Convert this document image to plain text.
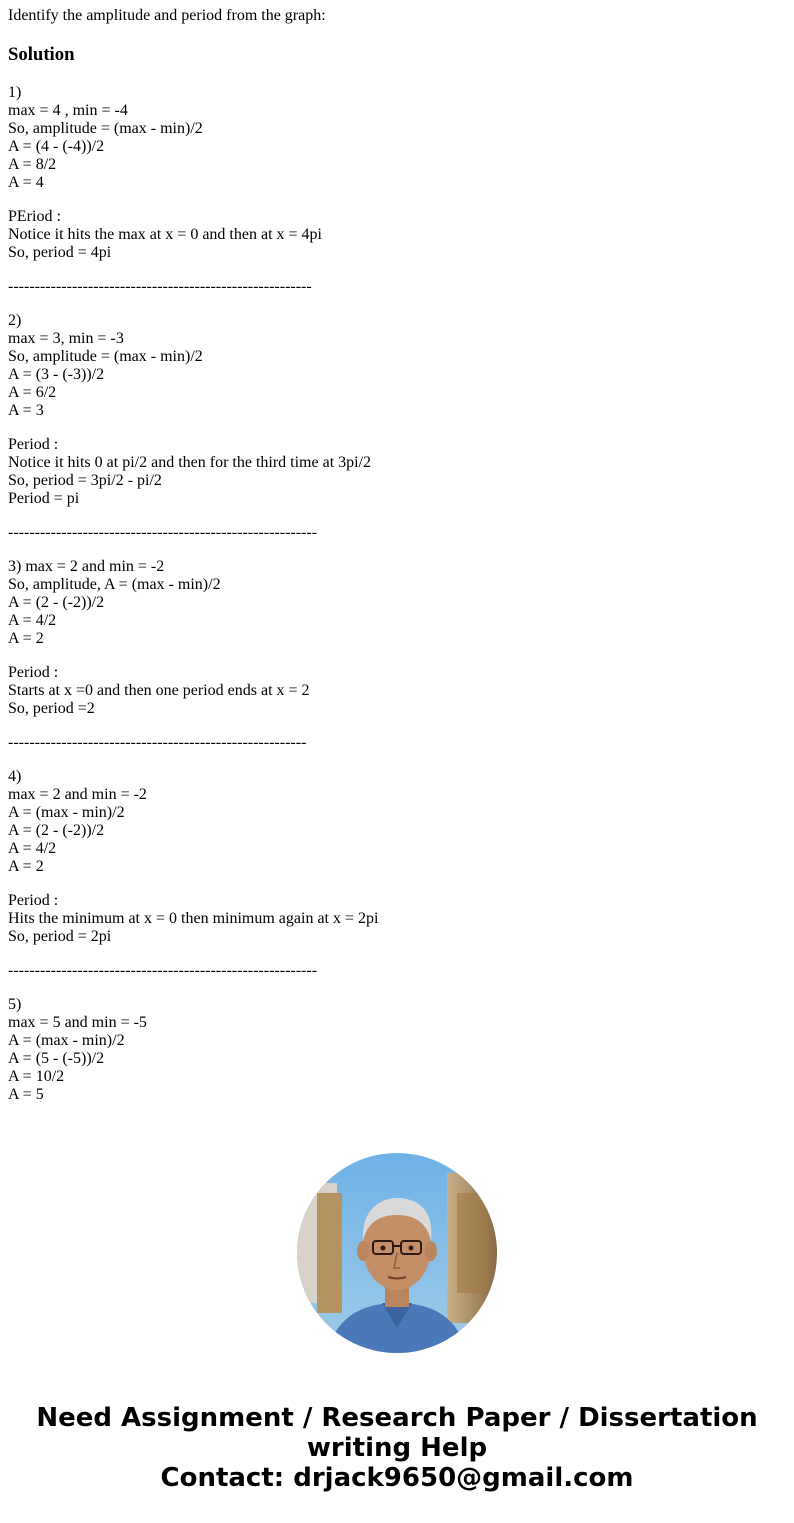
Identify the amplitude and period from the graph:
Solution
1)
max = 4 , min = -4
So, amplitude = (max - min)/2
A = (4 - (-4))/2
A = 8/2
A = 4
PEriod :
Notice it hits the max at x = 0 and then at x = 4pi
So, period = 4pi
---------------------------------------------------------
2)
max = 3, min = -3
So, amplitude = (max - min)/2
A = (3 - (-3))/2
A = 6/2
A = 3
Period :
Notice it hits 0 at pi/2 and then for the third time at 3pi/2
So, period = 3pi/2 - pi/2
Period = pi
----------------------------------------------------------
3) max = 2 and min = -2
So, amplitude, A = (max - min)/2
A = (2 - (-2))/2
A = 4/2
A = 2
Period :
Starts at x =0 and then one period ends at x = 2
So, period =2
--------------------------------------------------------
4)
max = 2 and min = -2
A = (max - min)/2
A = (2 - (-2))/2
A = 4/2
A = 2
Period :
Hits the minimum at x = 0 then minimum again at x = 2pi
So, period = 2pi
----------------------------------------------------------
5)
max = 5 and min = -5
A = (max - min)/2
A = (5 - (-5))/2
A = 10/2
A = 5
Need Assignment / Research Paper / Dissertation
writing Help
Contact: drjack9650@gmail.com
